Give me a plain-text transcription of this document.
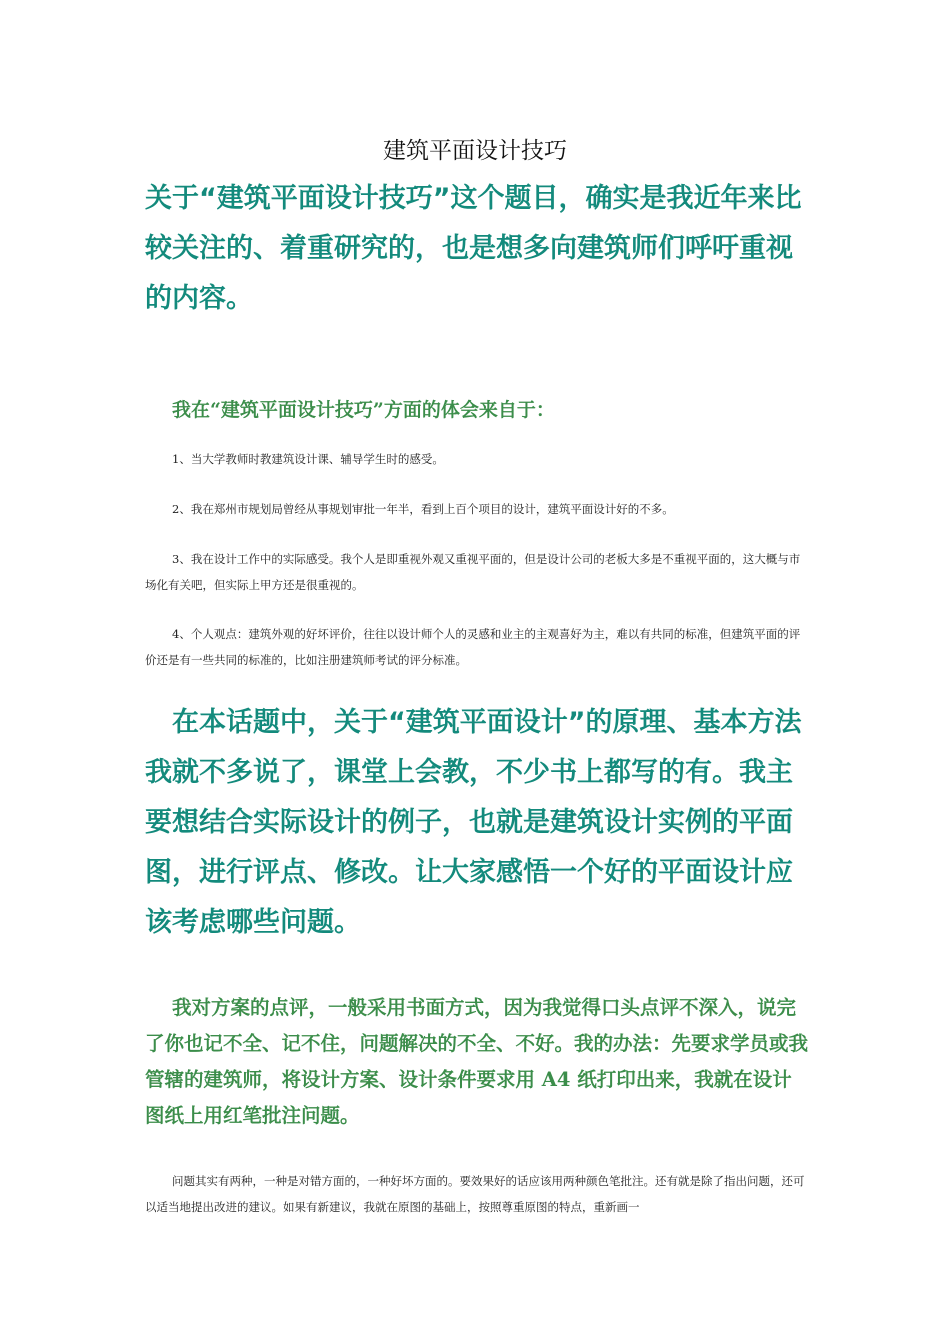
建筑平面设计技巧
关于“建筑平面设计技巧”这个题目，确实是我近年来比较关注的、着重研究的，也是想多向建筑师们呼吁重视的内容。
我在“建筑平面设计技巧”方面的体会来自于：
1、当大学教师时教建筑设计课、辅导学生时的感受。
2、我在郑州市规划局曾经从事规划审批一年半，看到上百个项目的设计，建筑平面设计好的不多。
3、我在设计工作中的实际感受。我个人是即重视外观又重视平面的，但是设计公司的老板大多是不重视平面的，这大概与市场化有关吧，但实际上甲方还是很重视的。
4、个人观点：建筑外观的好坏评价，往往以设计师个人的灵感和业主的主观喜好为主，难以有共同的标准，但建筑平面的评价还是有一些共同的标准的，比如注册建筑师考试的评分标准。
在本话题中，关于“建筑平面设计”的原理、基本方法我就不多说了，课堂上会教，不少书上都写的有。我主要想结合实际设计的例子，也就是建筑设计实例的平面图，进行评点、修改。让大家感悟一个好的平面设计应该考虑哪些问题。
我对方案的点评，一般采用书面方式，因为我觉得口头点评不深入，说完了你也记不全、记不住，问题解决的不全、不好。我的办法：先要求学员或我管辖的建筑师，将设计方案、设计条件要求用 A4 纸打印出来，我就在设计图纸上用红笔批注问题。
问题其实有两种，一种是对错方面的，一种好坏方面的。要效果好的话应该用两种颜色笔批注。还有就是除了指出问题，还可以适当地提出改进的建议。如果有新建议，我就在原图的基础上，按照尊重原图的特点，重新画一
